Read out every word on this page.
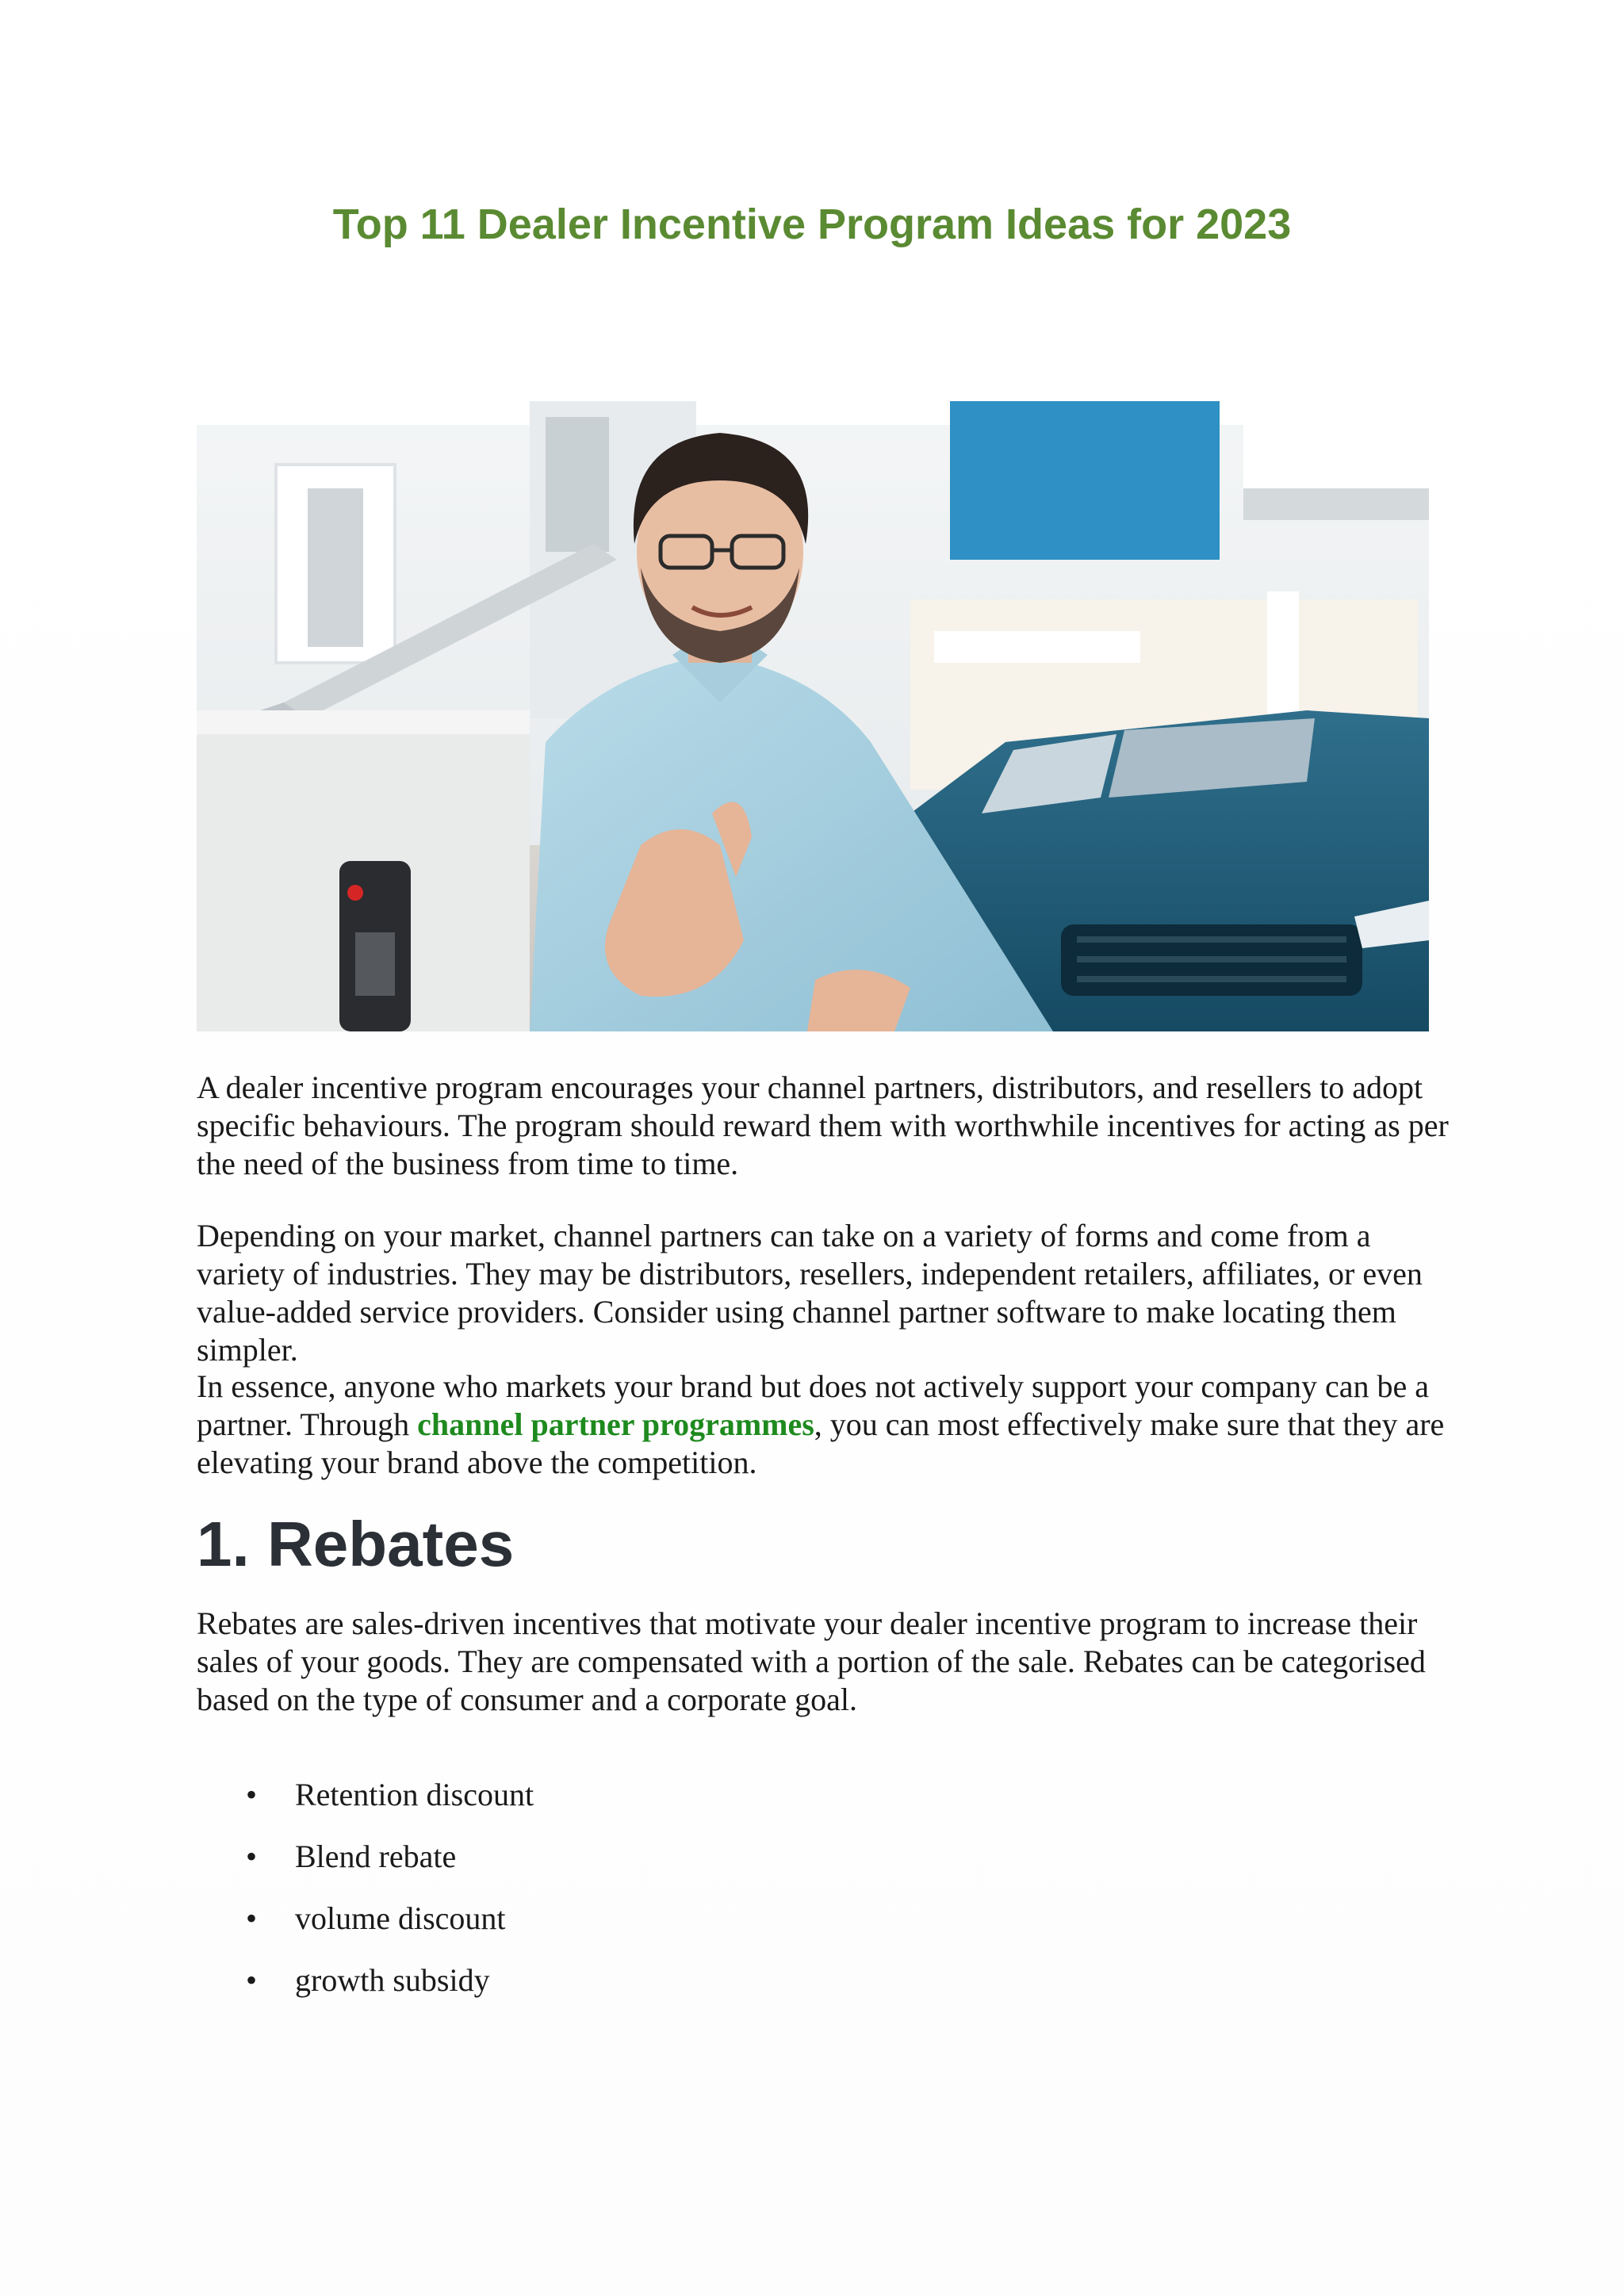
Top 11 Dealer Incentive Program Ideas for 2023

A dealer incentive program encourages your channel partners, distributors, and resellers to adopt specific behaviours. The program should reward them with worthwhile incentives for acting as per the need of the business from time to time.

Depending on your market, channel partners can take on a variety of forms and come from a variety of industries. They may be distributors, resellers, independent retailers, affiliates, or even value-added service providers. Consider using channel partner software to make locating them simpler.

In essence, anyone who markets your brand but does not actively support your company can be a partner. Through channel partner programmes, you can most effectively make sure that they are elevating your brand above the competition.

1. Rebates

Rebates are sales-driven incentives that motivate your dealer incentive program to increase their sales of your goods. They are compensated with a portion of the sale. Rebates can be categorised based on the type of consumer and a corporate goal.

• Retention discount
• Blend rebate
• volume discount
• growth subsidy
